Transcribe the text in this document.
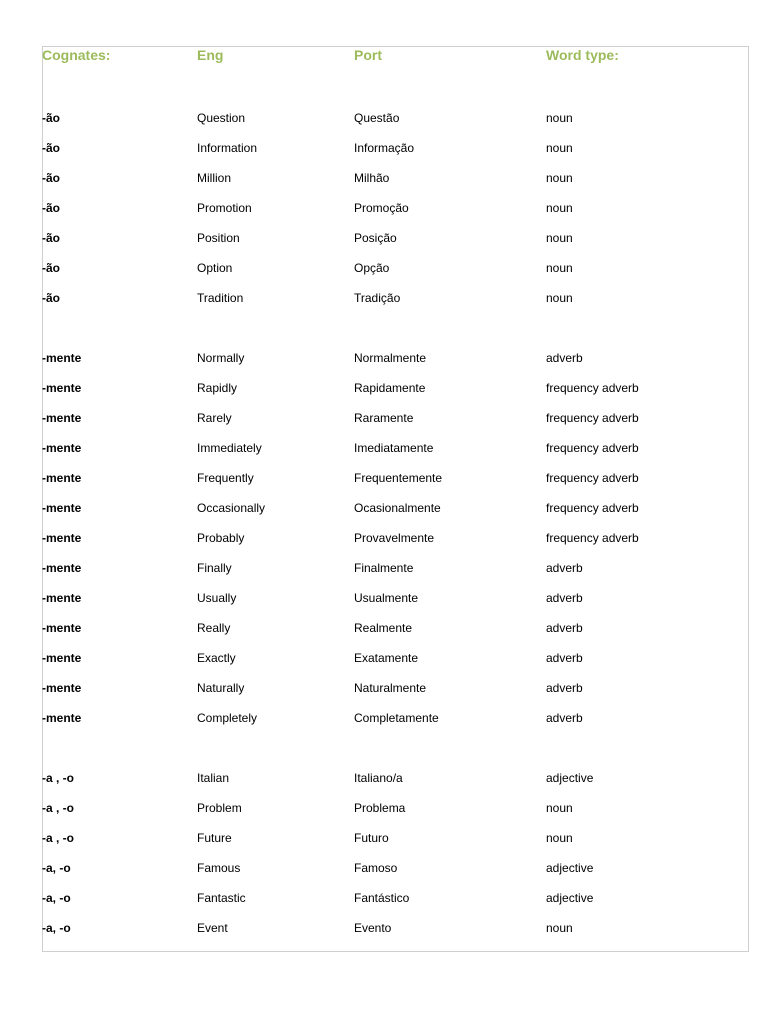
Cognates:	Eng	Port	Word type:
-ão	Question	Questão	noun
-ão	Information	Informação	noun
-ão	Million	Milhão	noun
-ão	Promotion	Promoção	noun
-ão	Position	Posição	noun
-ão	Option	Opção	noun
-ão	Tradition	Tradição	noun
-mente	Normally	Normalmente	adverb
-mente	Rapidly	Rapidamente	frequency adverb
-mente	Rarely	Raramente	frequency adverb
-mente	Immediately	Imediatamente	frequency adverb
-mente	Frequently	Frequentemente	frequency adverb
-mente	Occasionally	Ocasionalmente	frequency adverb
-mente	Probably	Provavelmente	frequency adverb
-mente	Finally	Finalmente	adverb
-mente	Usually	Usualmente	adverb
-mente	Really	Realmente	adverb
-mente	Exactly	Exatamente	adverb
-mente	Naturally	Naturalmente	adverb
-mente	Completely	Completamente	adverb
-a , -o	Italian	Italiano/a	adjective
-a , -o	Problem	Problema	noun
-a , -o	Future	Futuro	noun
-a, -o	Famous	Famoso	adjective
-a, -o	Fantastic	Fantástico	adjective
-a, -o	Event	Evento	noun
